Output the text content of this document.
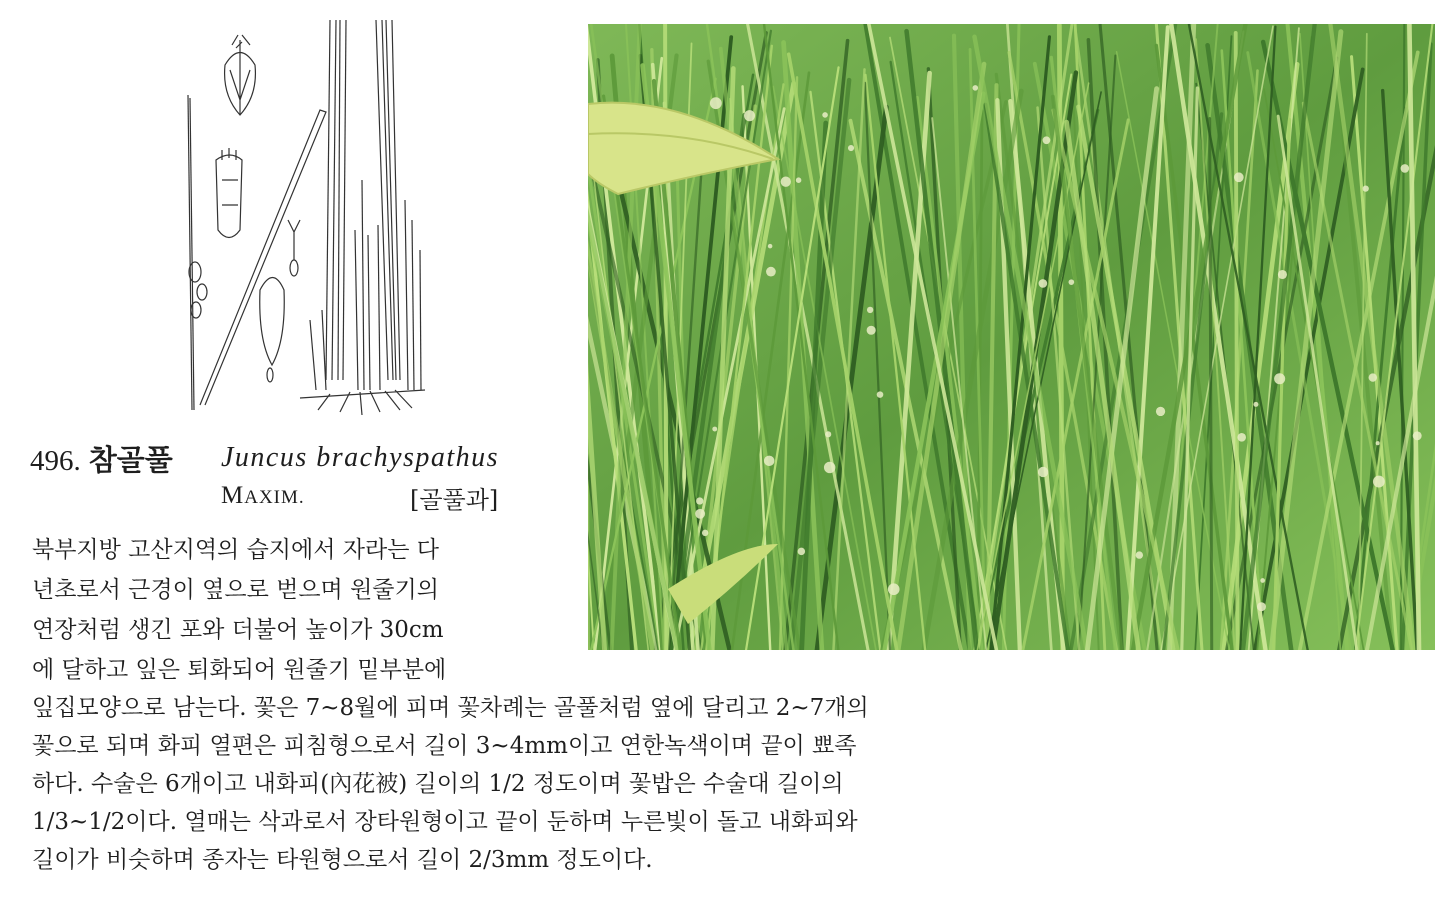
496. 참골풀 Juncus brachyspathus
MAXIM.	[골풀과]
북부지방 고산지역의 습지에서 자라는 다
년초로서 근경이 옆으로 벋으며 원줄기의
연장처럼 생긴 포와 더불어 높이가 30cm
에 달하고 잎은 퇴화되어 원줄기 밑부분에
잎집모양으로 남는다. 꽃은 7~8월에 피며 꽃차례는 골풀처럼 옆에 달리고 2~7개의
꽃으로 되며 화피 열편은 피침형으로서 길이 3~4mm이고 연한녹색이며 끝이 뾰족
하다. 수술은 6개이고 내화피(內花被) 길이의 1/2 정도이며 꽃밥은 수술대 길이의
1/3~1/2이다. 열매는 삭과로서 장타원형이고 끝이 둔하며 누른빛이 돌고 내화피와
길이가 비슷하며 종자는 타원형으로서 길이 2/3mm 정도이다.
